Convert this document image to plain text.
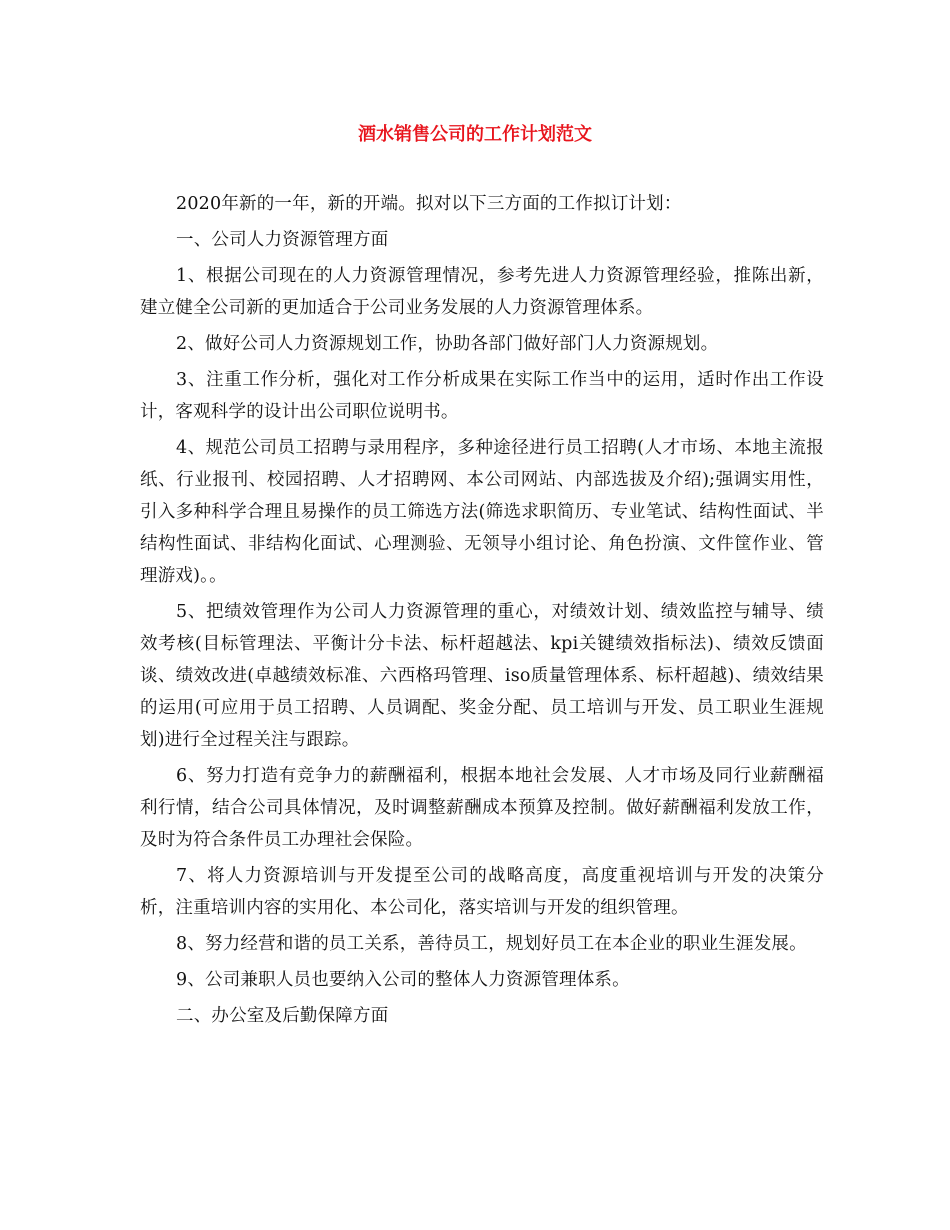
酒水销售公司的工作计划范文

2020年新的一年，新的开端。拟对以下三方面的工作拟订计划：

一、公司人力资源管理方面

1、根据公司现在的人力资源管理情况，参考先进人力资源管理经验，推陈出新，建立健全公司新的更加适合于公司业务发展的人力资源管理体系。

2、做好公司人力资源规划工作，协助各部门做好部门人力资源规划。

3、注重工作分析，强化对工作分析成果在实际工作当中的运用，适时作出工作设计，客观科学的设计出公司职位说明书。

4、规范公司员工招聘与录用程序，多种途径进行员工招聘(人才市场、本地主流报纸、行业报刊、校园招聘、人才招聘网、本公司网站、内部选拔及介绍);强调实用性，引入多种科学合理且易操作的员工筛选方法(筛选求职简历、专业笔试、结构性面试、半结构性面试、非结构化面试、心理测验、无领导小组讨论、角色扮演、文件筐作业、管理游戏)。。

5、把绩效管理作为公司人力资源管理的重心，对绩效计划、绩效监控与辅导、绩效考核(目标管理法、平衡计分卡法、标杆超越法、kpi关键绩效指标法)、绩效反馈面谈、绩效改进(卓越绩效标准、六西格玛管理、iso质量管理体系、标杆超越)、绩效结果的运用(可应用于员工招聘、人员调配、奖金分配、员工培训与开发、员工职业生涯规划)进行全过程关注与跟踪。

6、努力打造有竞争力的薪酬福利，根据本地社会发展、人才市场及同行业薪酬福利行情，结合公司具体情况，及时调整薪酬成本预算及控制。做好薪酬福利发放工作，及时为符合条件员工办理社会保险。

7、将人力资源培训与开发提至公司的战略高度，高度重视培训与开发的决策分析，注重培训内容的实用化、本公司化，落实培训与开发的组织管理。

8、努力经营和谐的员工关系，善待员工，规划好员工在本企业的职业生涯发展。

9、公司兼职人员也要纳入公司的整体人力资源管理体系。

二、办公室及后勤保障方面
